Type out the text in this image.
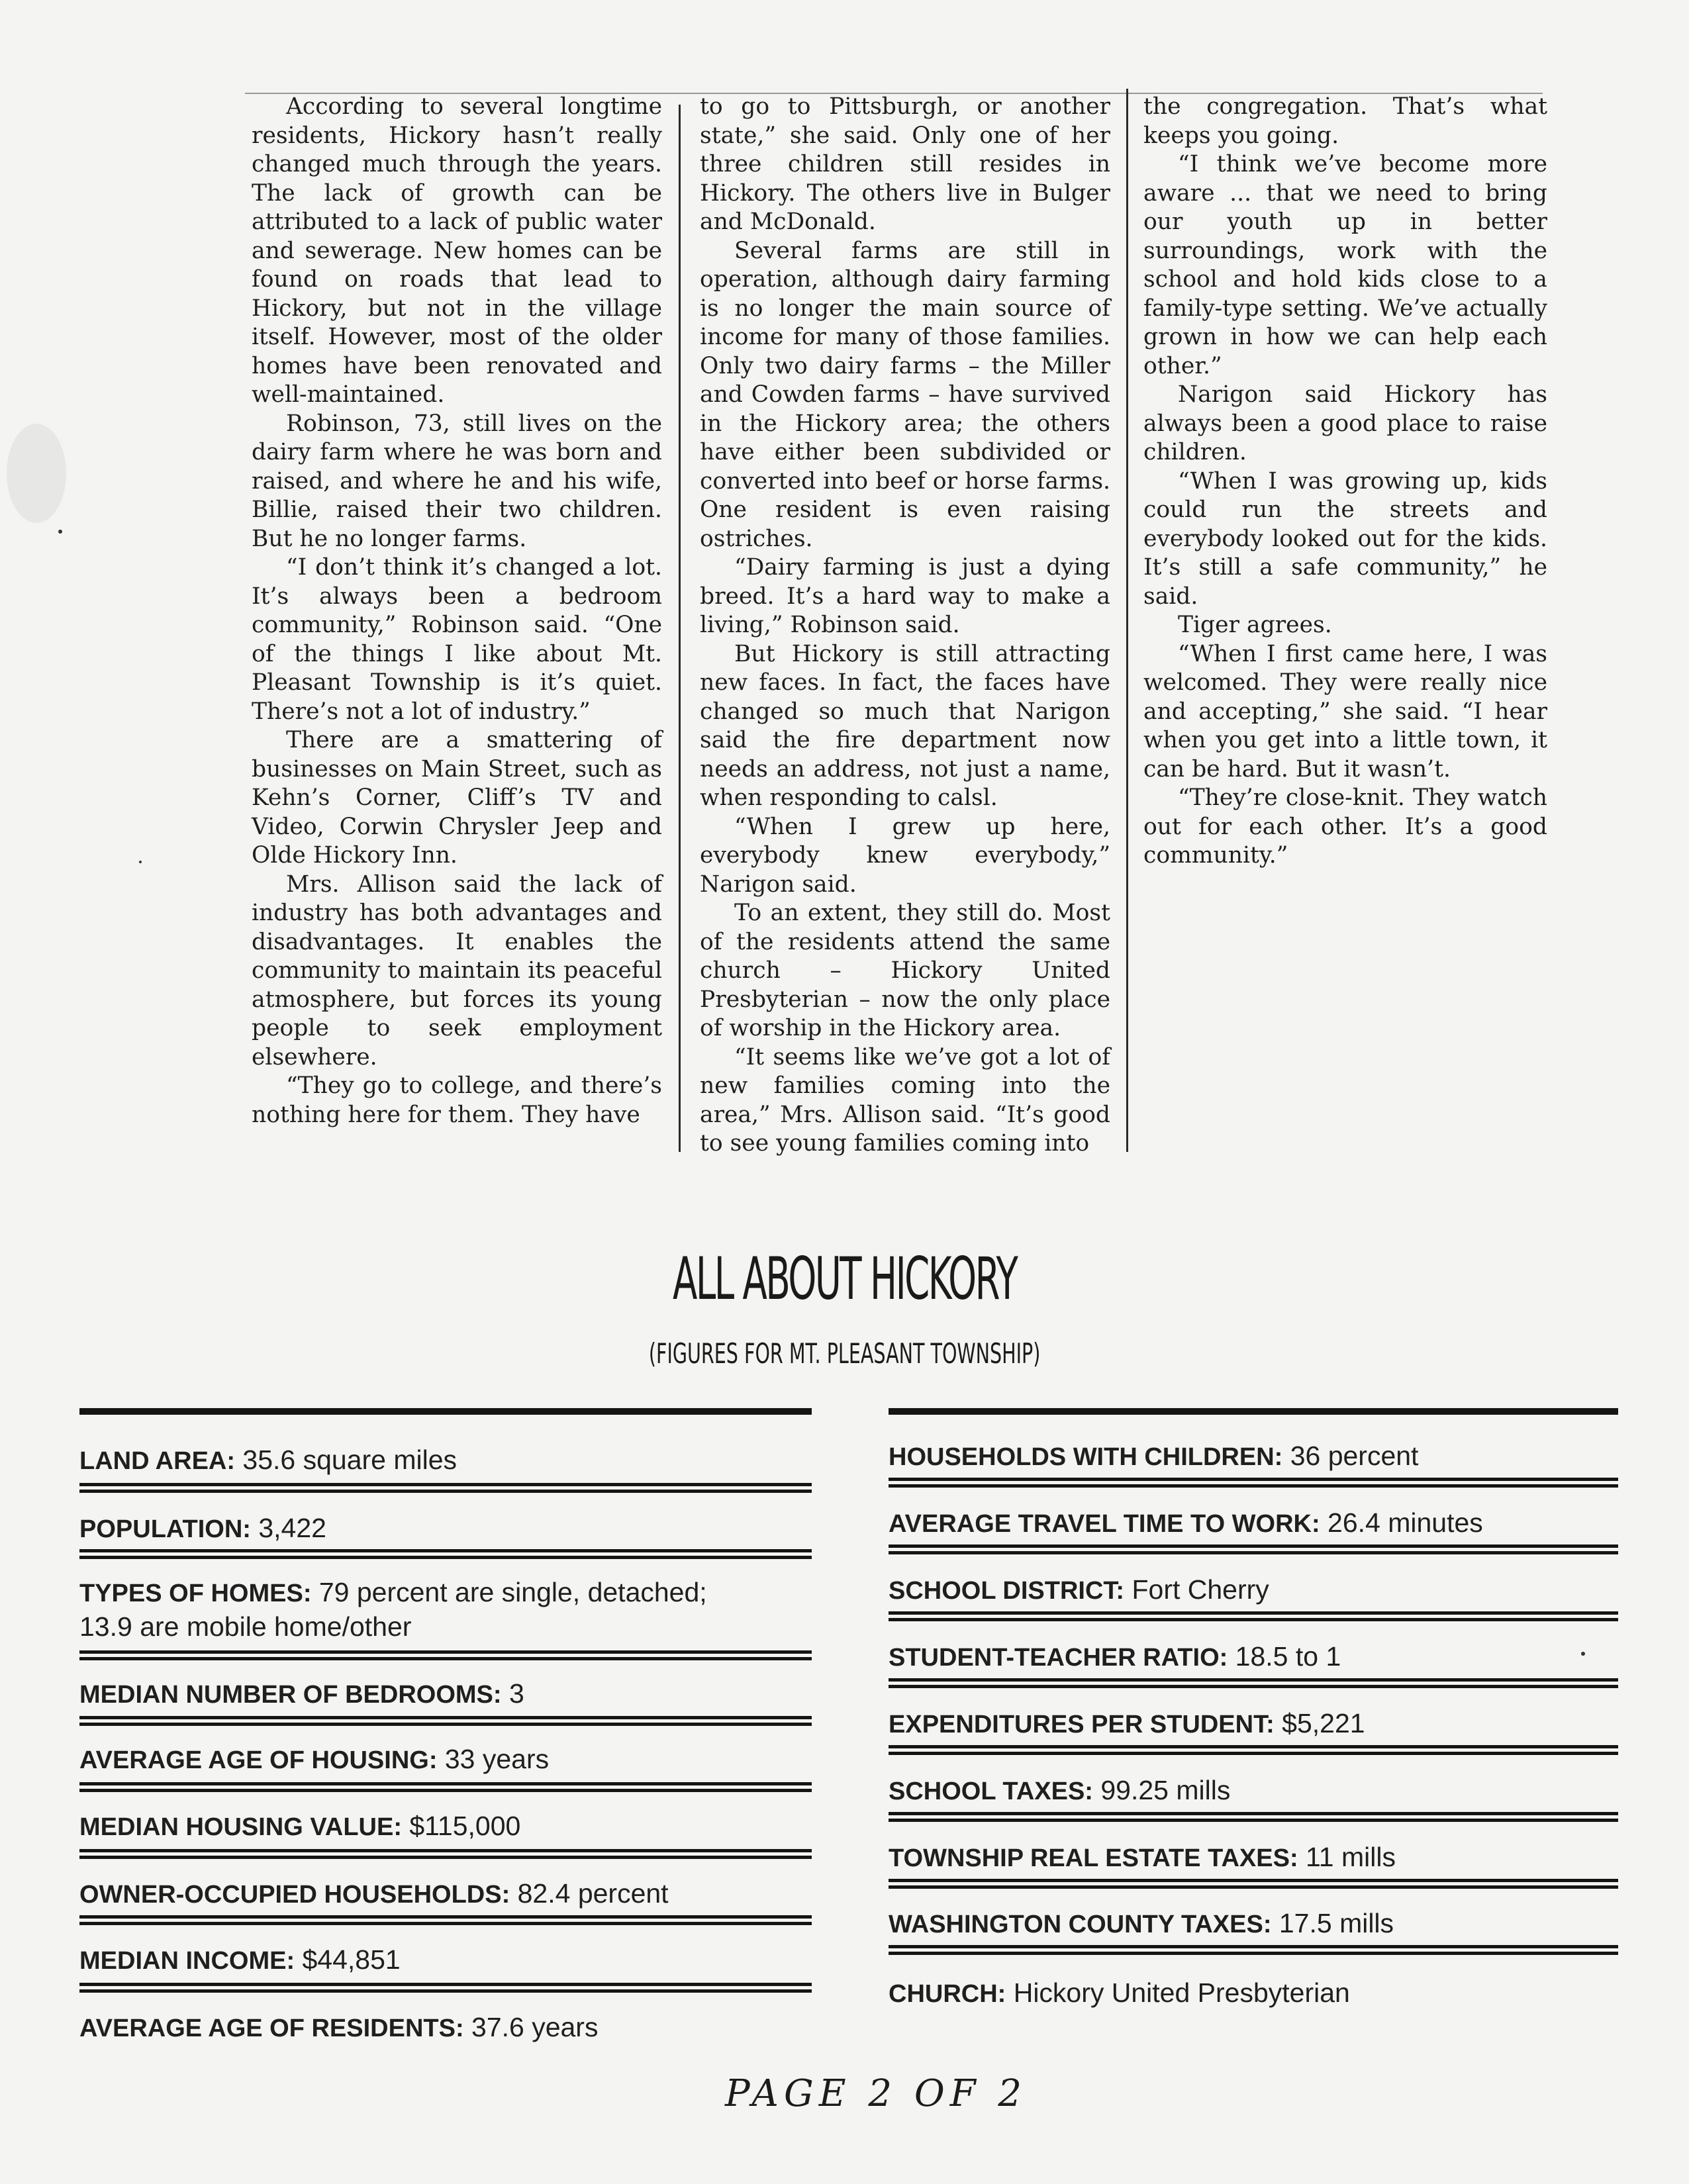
According to several longtime residents, Hickory hasn’t really changed much through the years. The lack of growth can be attributed to a lack of public water and sewerage. New homes can be found on roads that lead to Hickory, but not in the village itself. However, most of the older homes have been renovated and well-maintained.

Robinson, 73, still lives on the dairy farm where he was born and raised, and where he and his wife, Billie, raised their two children. But he no longer farms.

“I don’t think it’s changed a lot. It’s always been a bedroom community,” Robinson said. “One of the things I like about Mt. Pleasant Township is it’s quiet. There’s not a lot of industry.”

There are a smattering of businesses on Main Street, such as Kehn’s Corner, Cliff’s TV and Video, Corwin Chrysler Jeep and Olde Hickory Inn.

Mrs. Allison said the lack of industry has both advantages and disadvantages. It enables the community to maintain its peaceful atmosphere, but forces its young people to seek employment elsewhere.

“They go to college, and there’s nothing here for them. They have

to go to Pittsburgh, or another state,” she said. Only one of her three children still resides in Hickory. The others live in Bulger and McDonald.

Several farms are still in operation, although dairy farming is no longer the main source of income for many of those families. Only two dairy farms – the Miller and Cowden farms – have survived in the Hickory area; the others have either been subdivided or converted into beef or horse farms. One resident is even raising ostriches.

“Dairy farming is just a dying breed. It’s a hard way to make a living,” Robinson said.

But Hickory is still attracting new faces. In fact, the faces have changed so much that Narigon said the fire department now needs an address, not just a name, when responding to calsl.

“When I grew up here, everybody knew everybody,” Narigon said.

To an extent, they still do. Most of the residents attend the same church – Hickory United Presbyterian – now the only place of worship in the Hickory area.

“It seems like we’ve got a lot of new families coming into the area,” Mrs. Allison said. “It’s good to see young families coming into

the congregation. That’s what keeps you going.

“I think we’ve become more aware ... that we need to bring our youth up in better surroundings, work with the school and hold kids close to a family-type setting. We’ve actually grown in how we can help each other.”

Narigon said Hickory has always been a good place to raise children.

“When I was growing up, kids could run the streets and everybody looked out for the kids. It’s still a safe community,” he said.

Tiger agrees.

“When I first came here, I was welcomed. They were really nice and accepting,” she said. “I hear when you get into a little town, it can be hard. But it wasn’t.

“They’re close-knit. They watch out for each other. It’s a good community.”

ALL ABOUT HICKORY
(FIGURES FOR MT. PLEASANT TOWNSHIP)
LAND AREA: 35.6 square miles
POPULATION: 3,422
TYPES OF HOMES: 79 percent are single, detached;
13.9 are mobile home/other
MEDIAN NUMBER OF BEDROOMS: 3
AVERAGE AGE OF HOUSING: 33 years
MEDIAN HOUSING VALUE: $115,000
OWNER-OCCUPIED HOUSEHOLDS: 82.4 percent
MEDIAN INCOME: $44,851
AVERAGE AGE OF RESIDENTS: 37.6 years
HOUSEHOLDS WITH CHILDREN: 36 percent
AVERAGE TRAVEL TIME TO WORK: 26.4 minutes
SCHOOL DISTRICT: Fort Cherry
STUDENT-TEACHER RATIO: 18.5 to 1
EXPENDITURES PER STUDENT: $5,221
SCHOOL TAXES: 99.25 mills
TOWNSHIP REAL ESTATE TAXES: 11 mills
WASHINGTON COUNTY TAXES: 17.5 mills
CHURCH: Hickory United Presbyterian
PAGE 2 OF 2
